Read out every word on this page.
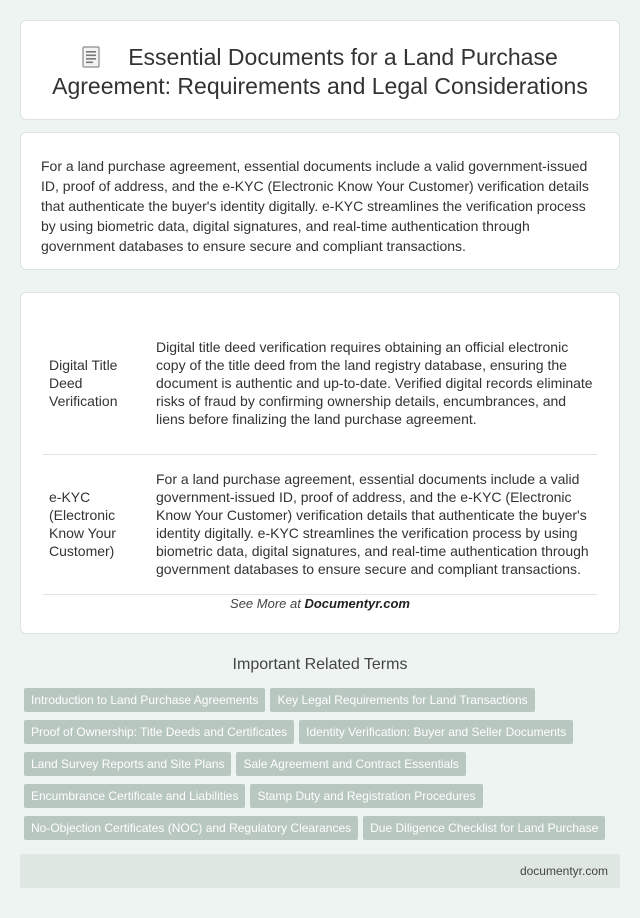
Essential Documents for a Land Purchase Agreement: Requirements and Legal Considerations

For a land purchase agreement, essential documents include a valid government-issued ID, proof of address, and the e-KYC (Electronic Know Your Customer) verification details that authenticate the buyer's identity digitally. e-KYC streamlines the verification process by using biometric data, digital signatures, and real-time authentication through government databases to ensure secure and compliant transactions.

Digital Title Deed Verification	Digital title deed verification requires obtaining an official electronic copy of the title deed from the land registry database, ensuring the document is authentic and up-to-date. Verified digital records eliminate risks of fraud by confirming ownership details, encumbrances, and liens before finalizing the land purchase agreement.
e-KYC (Electronic Know Your Customer)	For a land purchase agreement, essential documents include a valid government-issued ID, proof of address, and the e-KYC (Electronic Know Your Customer) verification details that authenticate the buyer's identity digitally. e-KYC streamlines the verification process by using biometric data, digital signatures, and real-time authentication through government databases to ensure secure and compliant transactions.
See More at Documentyr.com
Important Related Terms
Introduction to Land Purchase Agreements Key Legal Requirements for Land Transactions
Proof of Ownership: Title Deeds and Certificates Identity Verification: Buyer and Seller Documents
Land Survey Reports and Site Plans Sale Agreement and Contract Essentials
Encumbrance Certificate and Liabilities Stamp Duty and Registration Procedures
No-Objection Certificates (NOC) and Regulatory Clearances Due Diligence Checklist for Land Purchase
documentyr.com
